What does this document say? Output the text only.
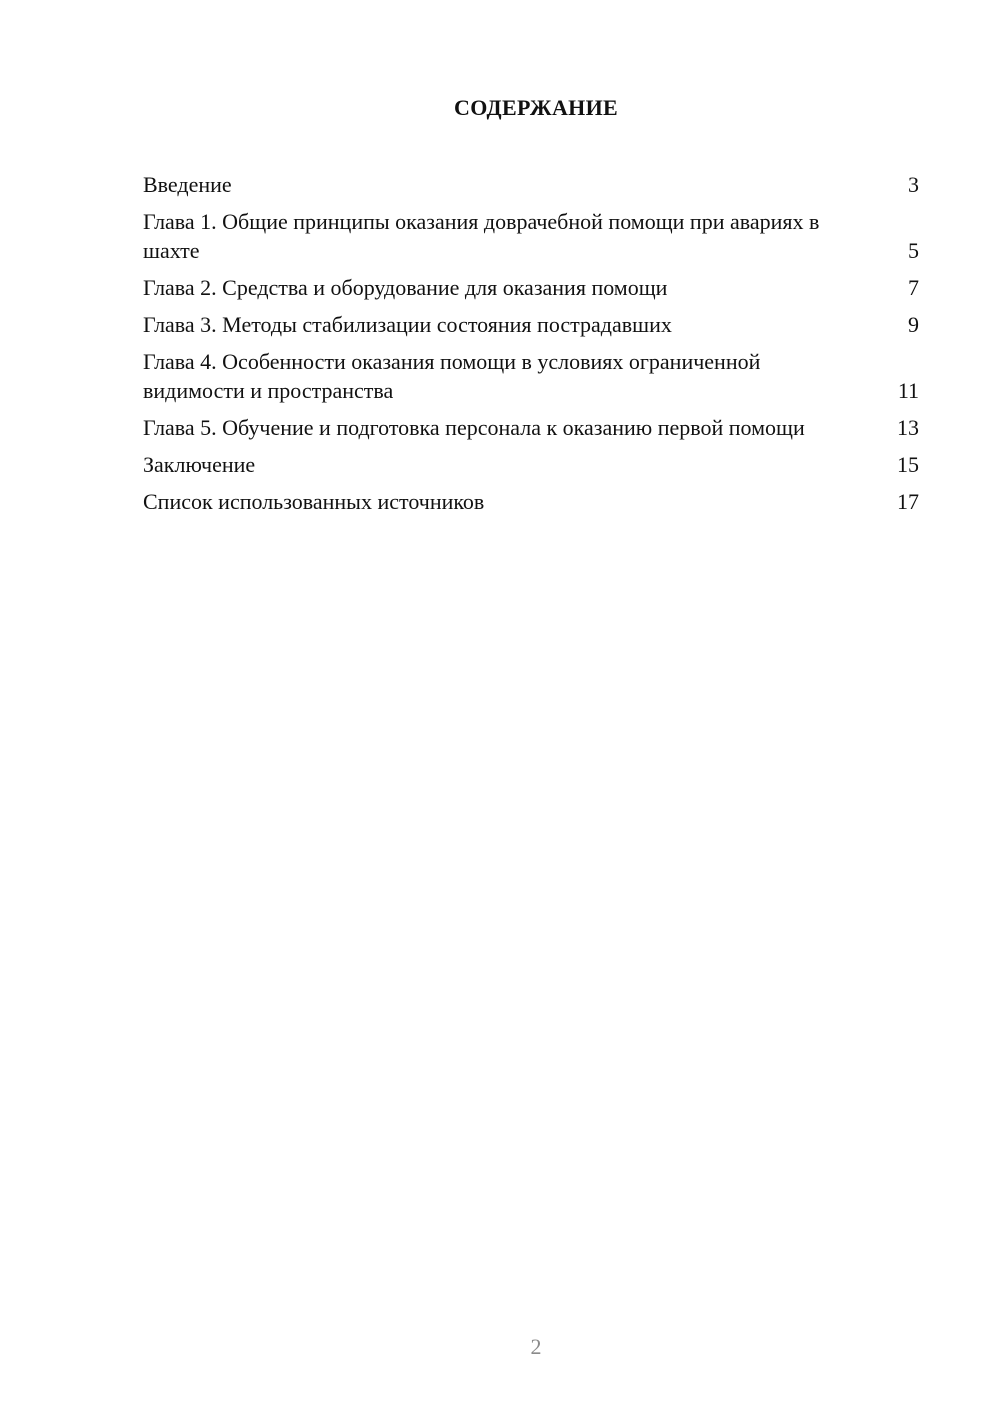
СОДЕРЖАНИЕ
Введение	3
Глава 1. Общие принципы оказания доврачебной помощи при авариях в шахте	5
Глава 2. Средства и оборудование для оказания помощи	7
Глава 3. Методы стабилизации состояния пострадавших	9
Глава 4. Особенности оказания помощи в условиях ограниченной видимости и пространства	11
Глава 5. Обучение и подготовка персонала к оказанию первой помощи	13
Заключение	15
Список использованных источников	17
2
